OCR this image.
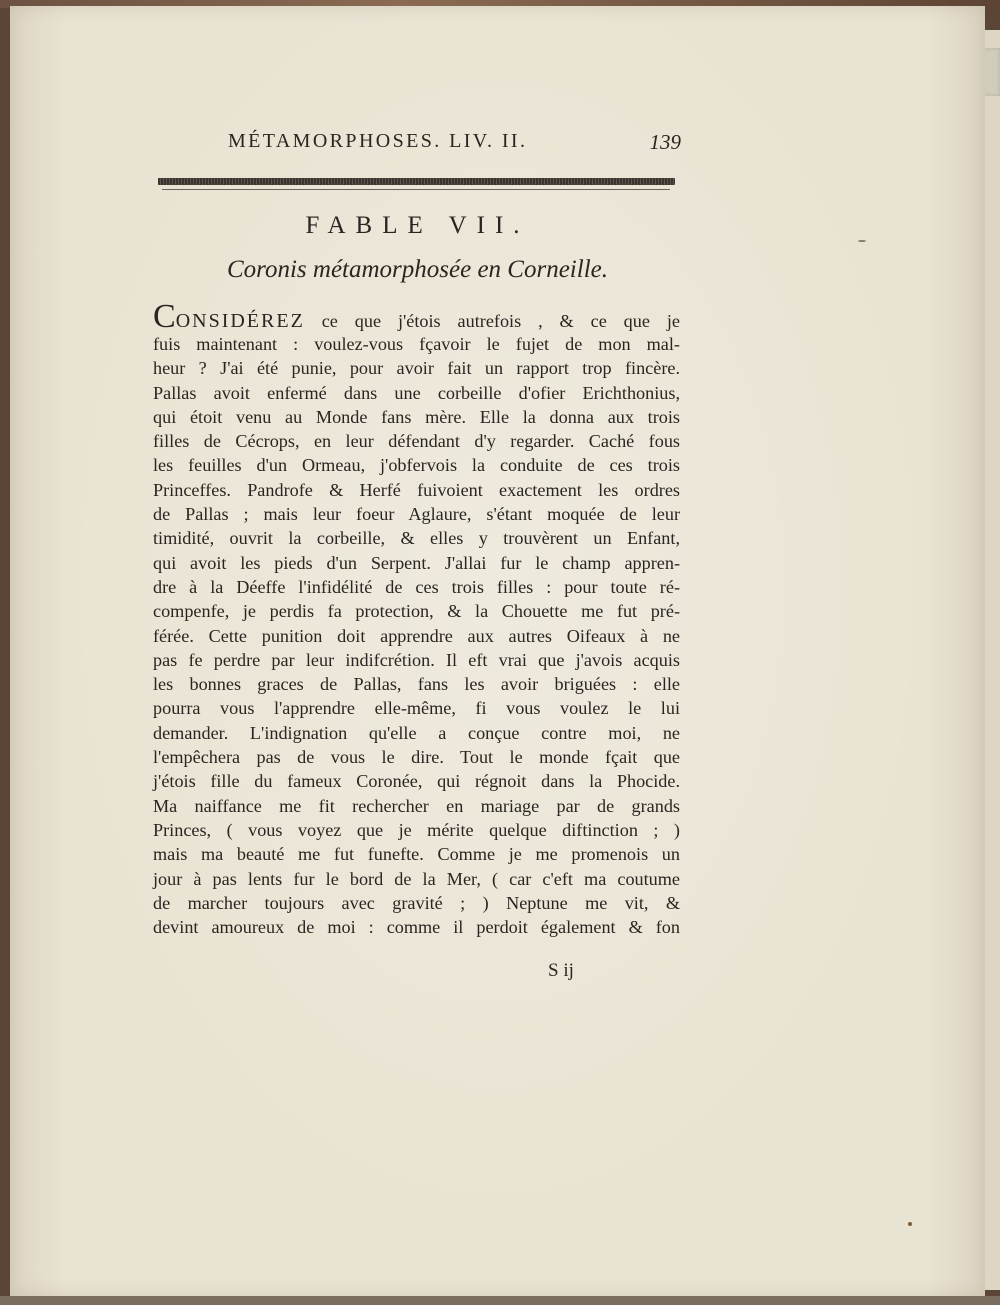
MÉTAMORPHOSES. LIV. II.	139
FABLE VII.
Coronis métamorphosée en Corneille.
CONSIDÉREZ ce que j'étois autrefois , & ce que je
fuis maintenant : voulez-vous fçavoir le fujet de mon mal-
heur ? J'ai été punie, pour avoir fait un rapport trop fincère.
Pallas avoit enfermé dans une corbeille d'ofier Erichthonius,
qui étoit venu au Monde fans mère. Elle la donna aux trois
filles de Cécrops, en leur défendant d'y regarder. Caché fous
les feuilles d'un Ormeau, j'obfervois la conduite de ces trois
Princeffes. Pandrofe & Herfé fuivoient exactement les ordres
de Pallas ; mais leur foeur Aglaure, s'étant moquée de leur
timidité, ouvrit la corbeille, & elles y trouvèrent un Enfant,
qui avoit les pieds d'un Serpent. J'allai fur le champ appren-
dre à la Déeffe l'infidélité de ces trois filles : pour toute ré-
compenfe, je perdis fa protection, & la Chouette me fut pré-
férée. Cette punition doit apprendre aux autres Oifeaux à ne
pas fe perdre par leur indifcrétion. Il eft vrai que j'avois acquis
les bonnes graces de Pallas, fans les avoir briguées : elle
pourra vous l'apprendre elle-même, fi vous voulez le lui
demander. L'indignation qu'elle a conçue contre moi, ne
l'empêchera pas de vous le dire. Tout le monde fçait que
j'étois fille du fameux Coronée, qui régnoit dans la Phocide.
Ma naiffance me fit rechercher en mariage par de grands
Princes, ( vous voyez que je mérite quelque diftinction ; )
mais ma beauté me fut funefte. Comme je me promenois un
jour à pas lents fur le bord de la Mer, ( car c'eft ma coutume
de marcher toujours avec gravité ; ) Neptune me vit, &
devint amoureux de moi : comme il perdoit également & fon
S ij
